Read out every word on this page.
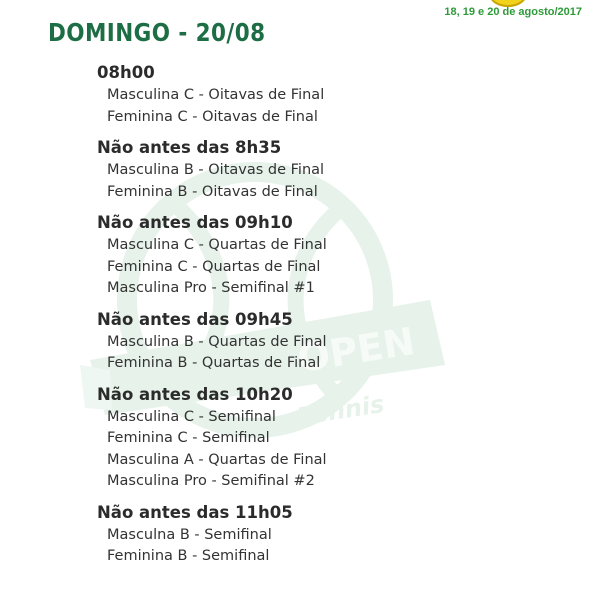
OPEN
Tennis
18, 19 e 20 de agosto/2017
DOMINGO - 20/08
08h00
Masculina C - Oitavas de Final
Feminina C - Oitavas de Final
Não antes das 8h35
Masculina B - Oitavas de Final
Feminina B - Oitavas de Final
Não antes das 09h10
Masculina C - Quartas de Final
Feminina C - Quartas de Final
Masculina Pro - Semifinal #1
Não antes das 09h45
Masculina B - Quartas de Final
Feminina B - Quartas de Final
Não antes das 10h20
Masculina C - Semifinal
Feminina C - Semifinal
Masculina A - Quartas de Final
Masculina Pro - Semifinal #2
Não antes das 11h05
Masculna B - Semifinal
Feminina B - Semifinal
